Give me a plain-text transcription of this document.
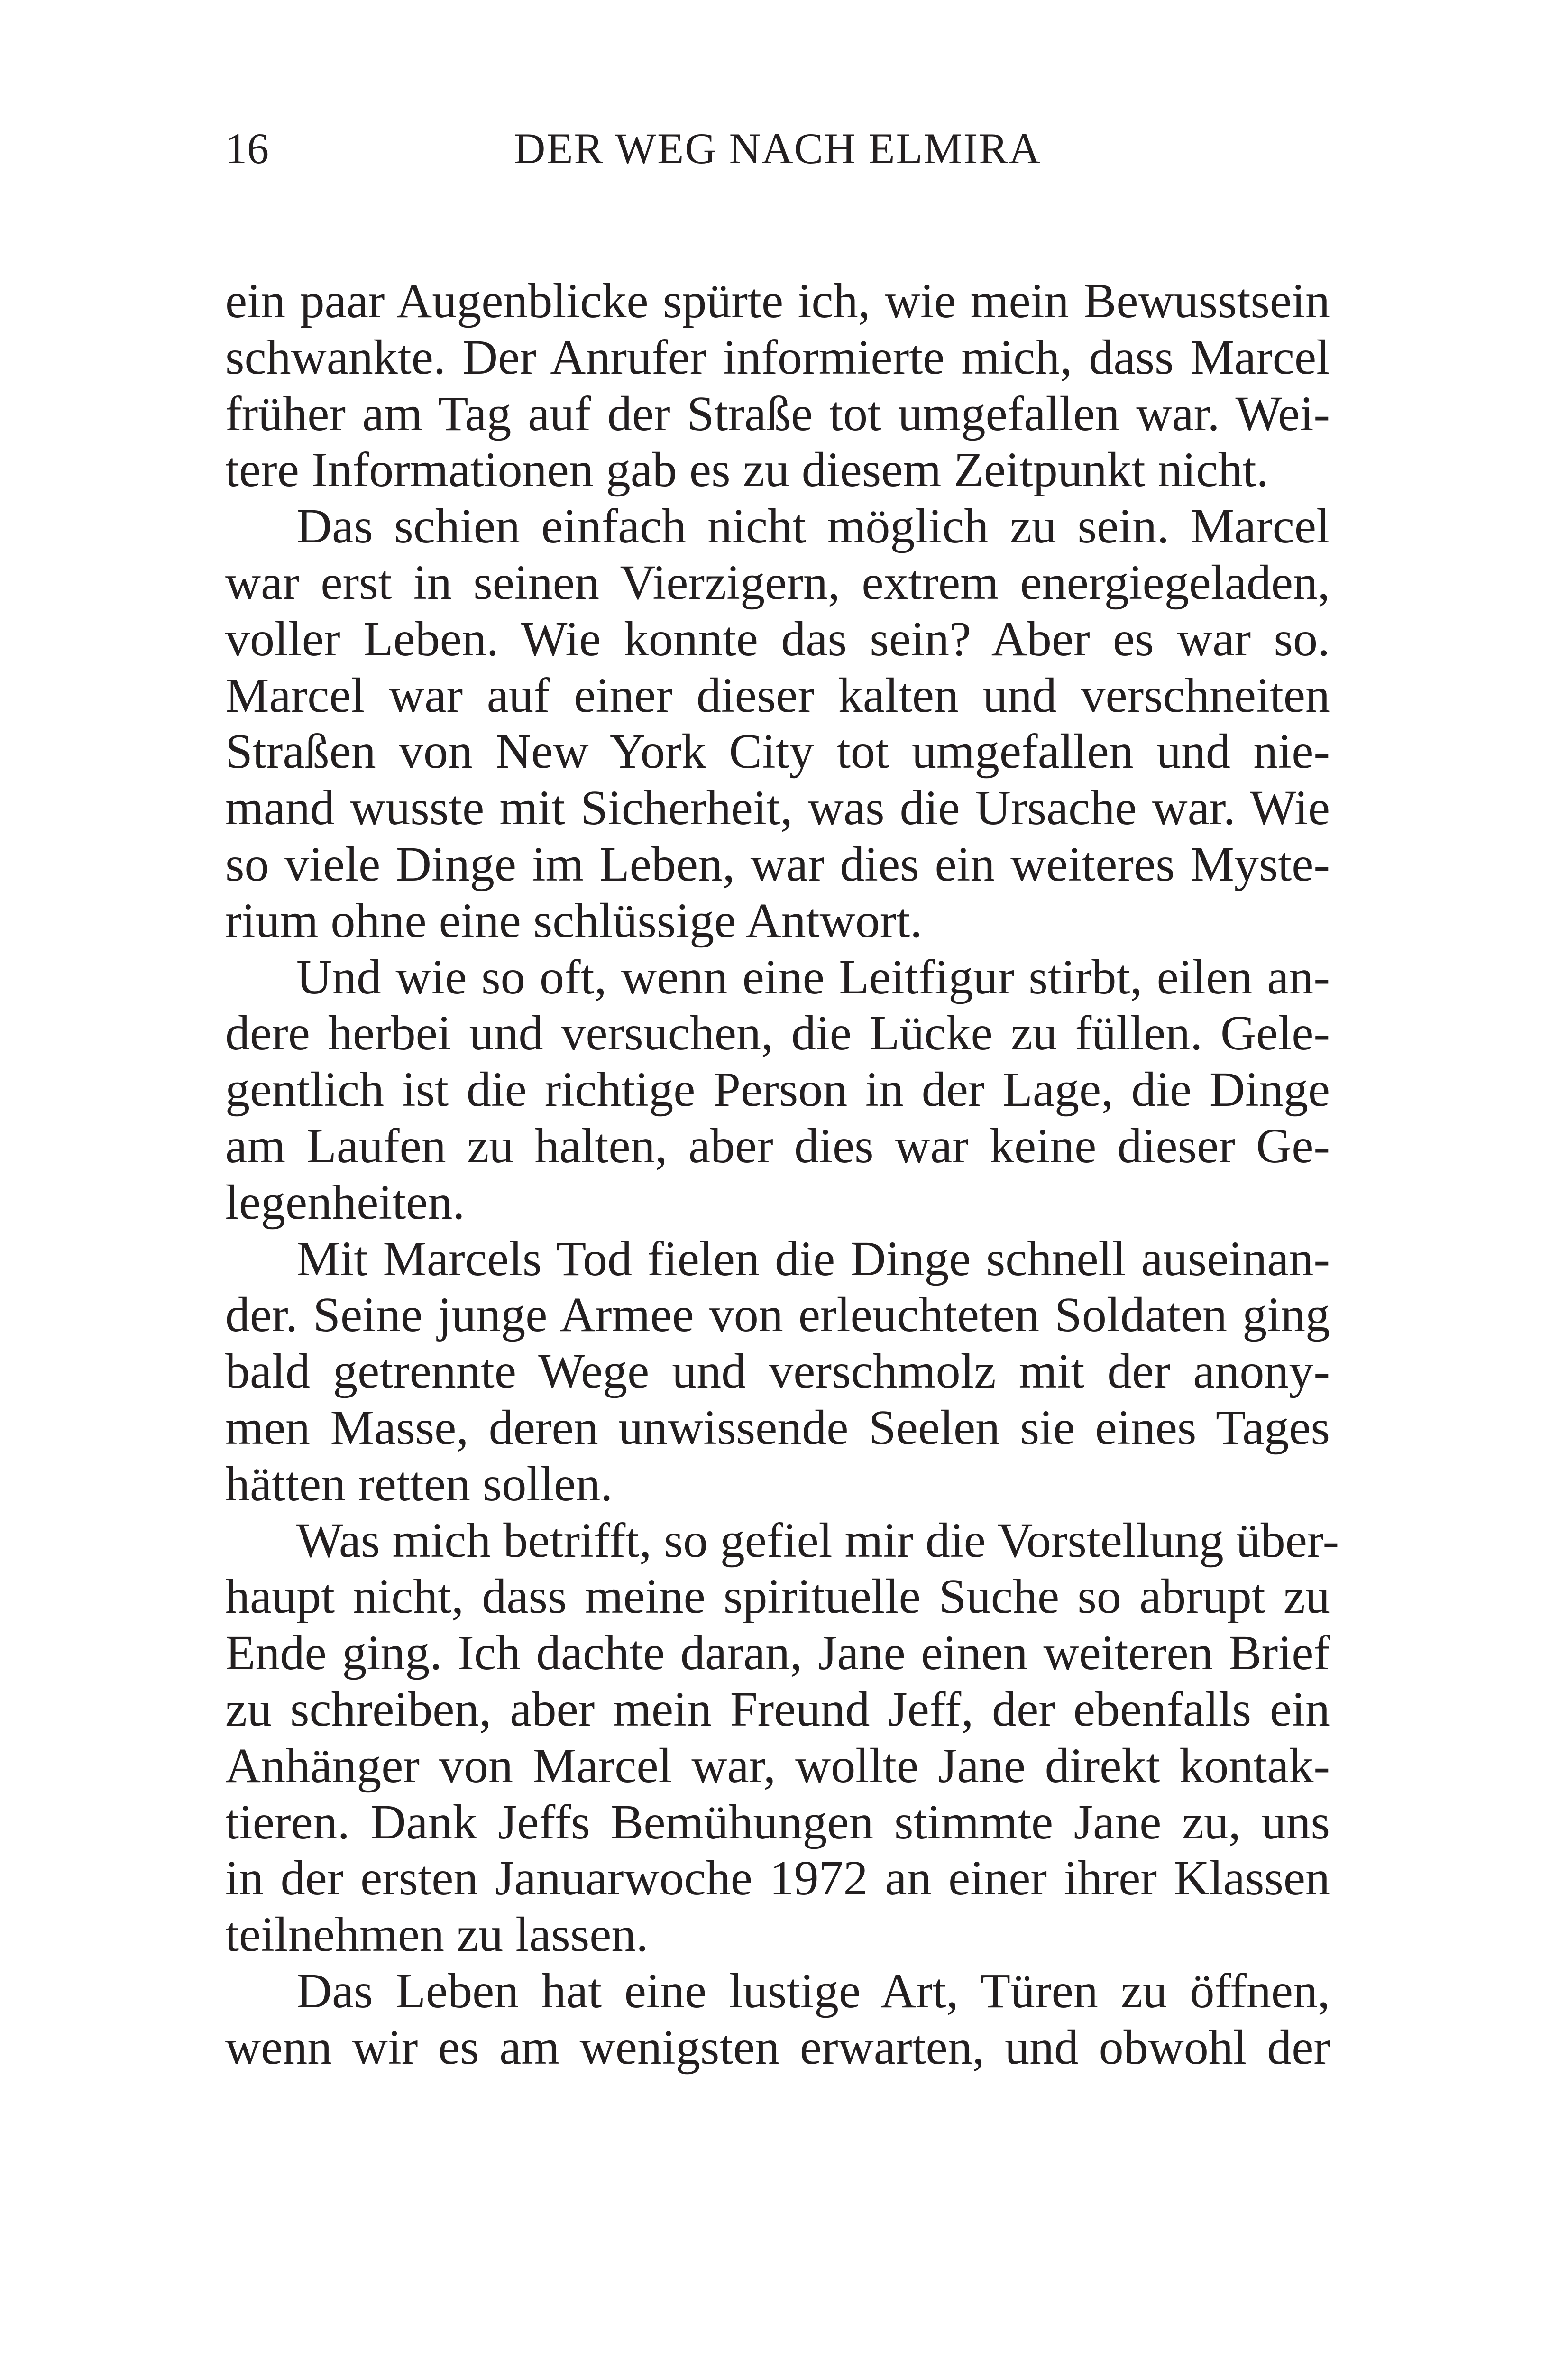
16	DER WEG NACH ELMIRA
ein paar Augenblicke spürte ich, wie mein Bewusstsein
schwankte. Der Anrufer informierte mich, dass Marcel
früher am Tag auf der Straße tot umgefallen war. Wei-
tere Informationen gab es zu diesem Zeitpunkt nicht.
Das schien einfach nicht möglich zu sein. Marcel
war erst in seinen Vierzigern, extrem energiegeladen,
voller Leben. Wie konnte das sein? Aber es war so.
Marcel war auf einer dieser kalten und verschneiten
Straßen von New York City tot umgefallen und nie-
mand wusste mit Sicherheit, was die Ursache war. Wie
so viele Dinge im Leben, war dies ein weiteres Myste-
rium ohne eine schlüssige Antwort.
Und wie so oft, wenn eine Leitfigur stirbt, eilen an-
dere herbei und versuchen, die Lücke zu füllen. Gele-
gentlich ist die richtige Person in der Lage, die Dinge
am Laufen zu halten, aber dies war keine dieser Ge-
legenheiten.
Mit Marcels Tod fielen die Dinge schnell auseinan-
der. Seine junge Armee von erleuchteten Soldaten ging
bald getrennte Wege und verschmolz mit der anony-
men Masse, deren unwissende Seelen sie eines Tages
hätten retten sollen.
Was mich betrifft, so gefiel mir die Vorstellung über-
haupt nicht, dass meine spirituelle Suche so abrupt zu
Ende ging. Ich dachte daran, Jane einen weiteren Brief
zu schreiben, aber mein Freund Jeff, der ebenfalls ein
Anhänger von Marcel war, wollte Jane direkt kontak-
tieren. Dank Jeffs Bemühungen stimmte Jane zu, uns
in der ersten Januarwoche 1972 an einer ihrer Klassen
teilnehmen zu lassen.
Das Leben hat eine lustige Art, Türen zu öffnen,
wenn wir es am wenigsten erwarten, und obwohl der
